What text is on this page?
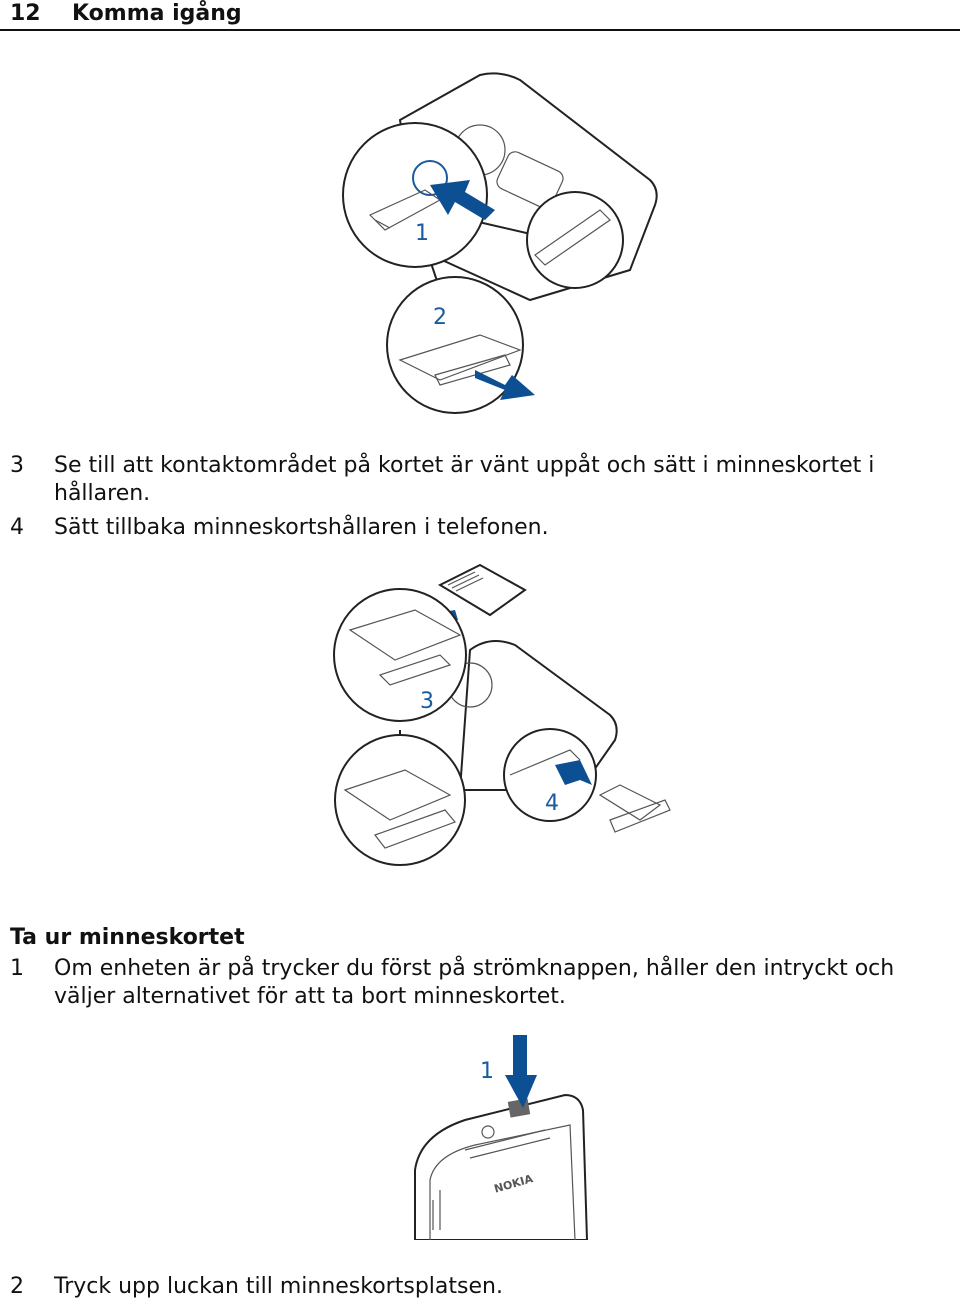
12 Komma igång
1
2
3 Se till att kontaktområdet på kortet är vänt uppåt och sätt i minneskortet i hållaren.
4 Sätt tillbaka minneskortshållaren i telefonen.
3
4
Ta ur minneskortet
1 Om enheten är på trycker du först på strömknappen, håller den intryckt och väljer alternativet för att ta bort minneskortet.
1
NOKIA
2 Tryck upp luckan till minneskortsplatsen.
